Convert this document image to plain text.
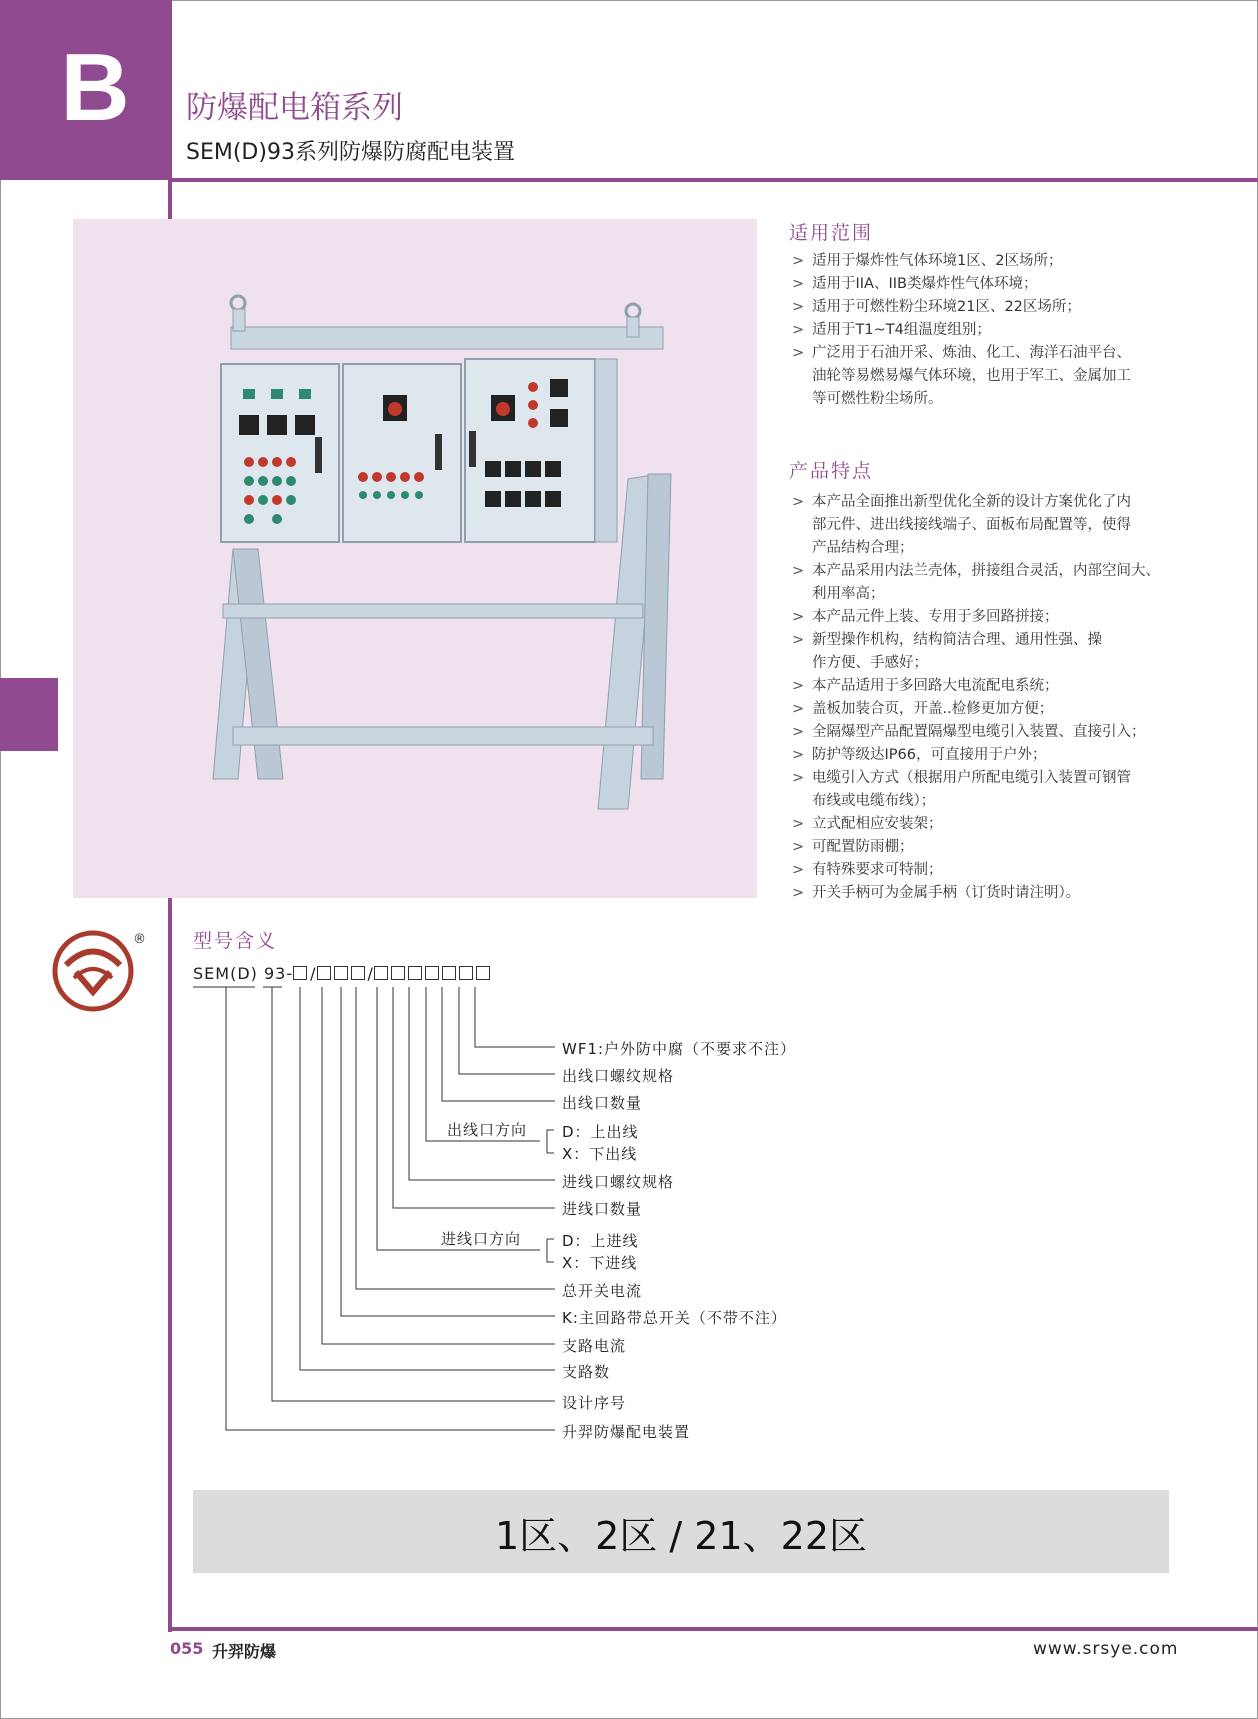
B	防爆配电箱系列
SEM(D)93系列防爆防腐配电装置
适用范围
> 适用于爆炸性气体环境1区、2区场所；
> 适用于IIA、IIB类爆炸性气体环境；
> 适用于可燃性粉尘环境21区、22区场所；
> 适用于T1~T4组温度组别；
> 广泛用于石油开采、炼油、化工、海洋石油平台、
油轮等易燃易爆气体环境，也用于军工、金属加工
等可燃性粉尘场所。
产品特点
> 本产品全面推出新型优化全新的设计方案优化了内
部元件、进出线接线端子、面板布局配置等，使得
产品结构合理；
> 本产品采用内法兰壳体，拼接组合灵活，内部空间大、
利用率高；
> 本产品元件上装、专用于多回路拼接；
> 新型操作机构，结构简洁合理、通用性强、操
作方便、手感好；
> 本产品适用于多回路大电流配电系统；
> 盖板加装合页，开盖..检修更加方便；
> 全隔爆型产品配置隔爆型电缆引入装置、直接引入；
> 防护等级达IP66，可直接用于户外；
> 电缆引入方式（根据用户所配电缆引入装置可钢管
布线或电缆布线）；
> 立式配相应安装架；
> 可配置防雨棚；
> 有特殊要求可特制；
> 开关手柄可为金属手柄（订货时请注明）。
® 型号含义
SEM(D) 93- /	/
WF1:户外防中腐（不要求不注）
出线口螺纹规格
出线口数量
出线口方向 D：上出线
X：下出线
进线口螺纹规格
进线口数量
进线口方向	D：上进线
X：下进线
总开关电流
K:主回路带总开关（不带不注）
支路电流
支路数
设计序号
升羿防爆配电装置
1区、2区 / 21、22区
055 升羿防爆	www.srsye.com
